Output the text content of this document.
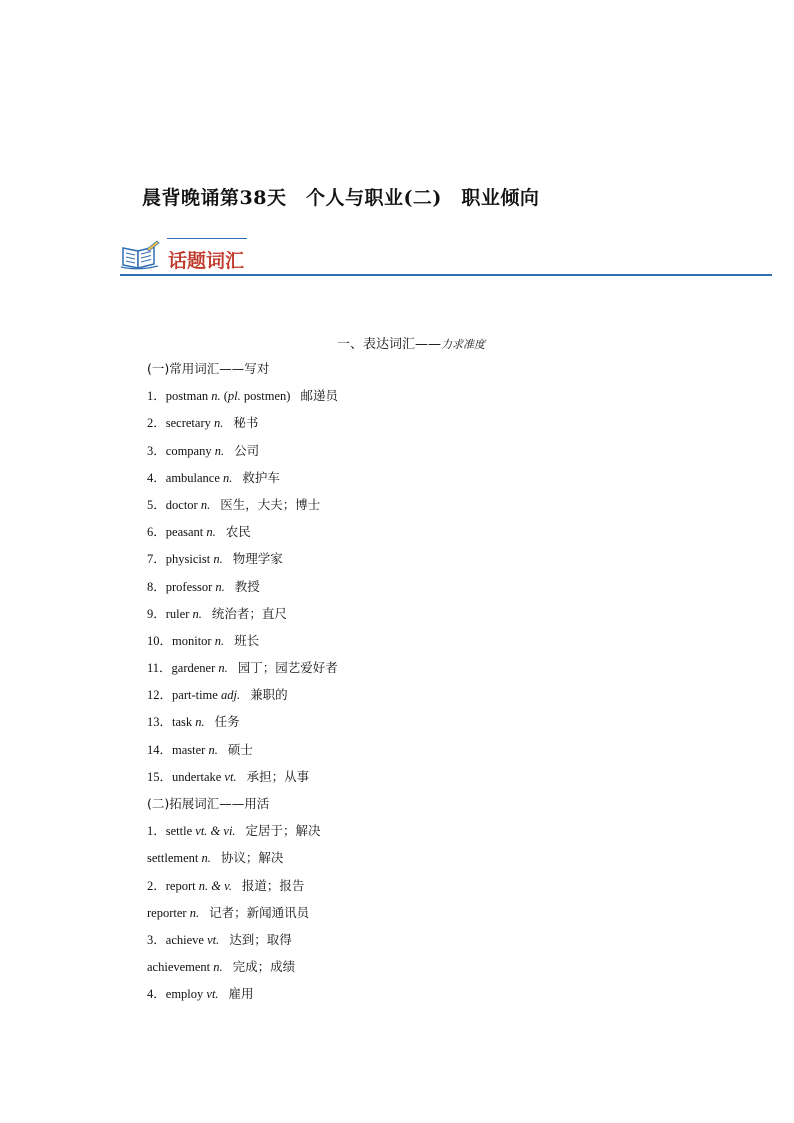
晨背晚诵第38天　个人与职业(二)　职业倾向
话题词汇
一、表达词汇——力求准度
(一)常用词汇——写对
1．postman n. (pl. postmen) 邮递员
2．secretary n. 秘书
3．company n. 公司
4．ambulance n. 救护车
5．doctor n. 医生，大夫；博士
6．peasant n. 农民
7．physicist n. 物理学家
8．professor n. 教授
9．ruler n. 统治者；直尺
10．monitor n. 班长
11．gardener n. 园丁；园艺爱好者
12．part-time adj. 兼职的
13．task n. 任务
14．master n. 硕士
15．undertake vt. 承担；从事
(二)拓展词汇——用活
1．settle vt. & vi. 定居于；解决
settlement n. 协议；解决
2．report n. & v. 报道；报告
reporter n. 记者；新闻通讯员
3．achieve vt. 达到；取得
achievement n. 完成；成绩
4．employ vt. 雇用
